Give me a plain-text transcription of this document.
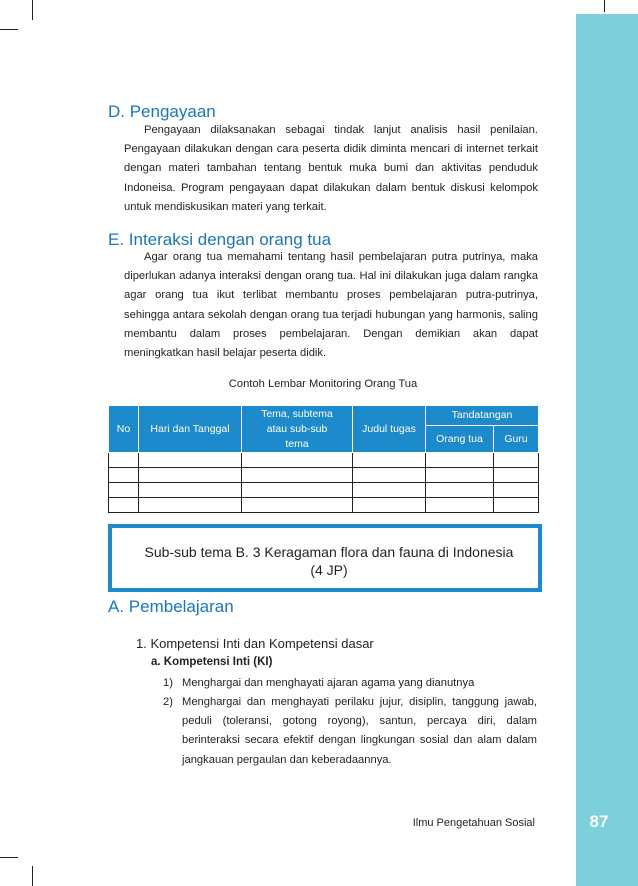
D. Pengayaan

Pengayaan dilaksanakan sebagai tindak lanjut analisis hasil penilaian. Pengayaan dilakukan dengan cara peserta didik diminta mencari di internet terkait dengan materi tambahan tentang bentuk muka bumi dan aktivitas penduduk Indoneisa. Program pengayaan dapat dilakukan dalam bentuk diskusi kelompok untuk mendiskusikan materi yang terkait.

E. Interaksi dengan orang tua

Agar orang tua memahami tentang hasil pembelajaran putra putrinya, maka diperlukan adanya interaksi dengan orang tua. Hal ini dilakukan juga dalam rangka agar orang tua ikut terlibat membantu proses pembelajaran putra-putrinya, sehingga antara sekolah dengan orang tua terjadi hubungan yang harmonis, saling membantu dalam proses pembelajaran. Dengan demikian akan dapat meningkatkan hasil belajar peserta didik.

Contoh Lembar Monitoring Orang Tua
No	Hari dan Tanggal	Tema, subtema atau sub-sub tema	Judul tugas	Tandatangan	
				Orang tua	Guru

Sub-sub tema B. 3 Keragaman flora dan fauna di Indonesia
(4 JP)
A. Pembelajaran

1. Kompetensi Inti dan Kompetensi dasar

a. Kompetensi Inti (KI)

1) Menghargai dan menghayati ajaran agama yang dianutnya
2) Menghargai dan menghayati perilaku jujur, disiplin, tanggung jawab, peduli (toleransi, gotong royong), santun, percaya diri, dalam berinteraksi secara efektif dengan lingkungan sosial dan alam dalam jangkauan pergaulan dan keberadaannya.
Ilmu Pengetahuan Sosial	87
